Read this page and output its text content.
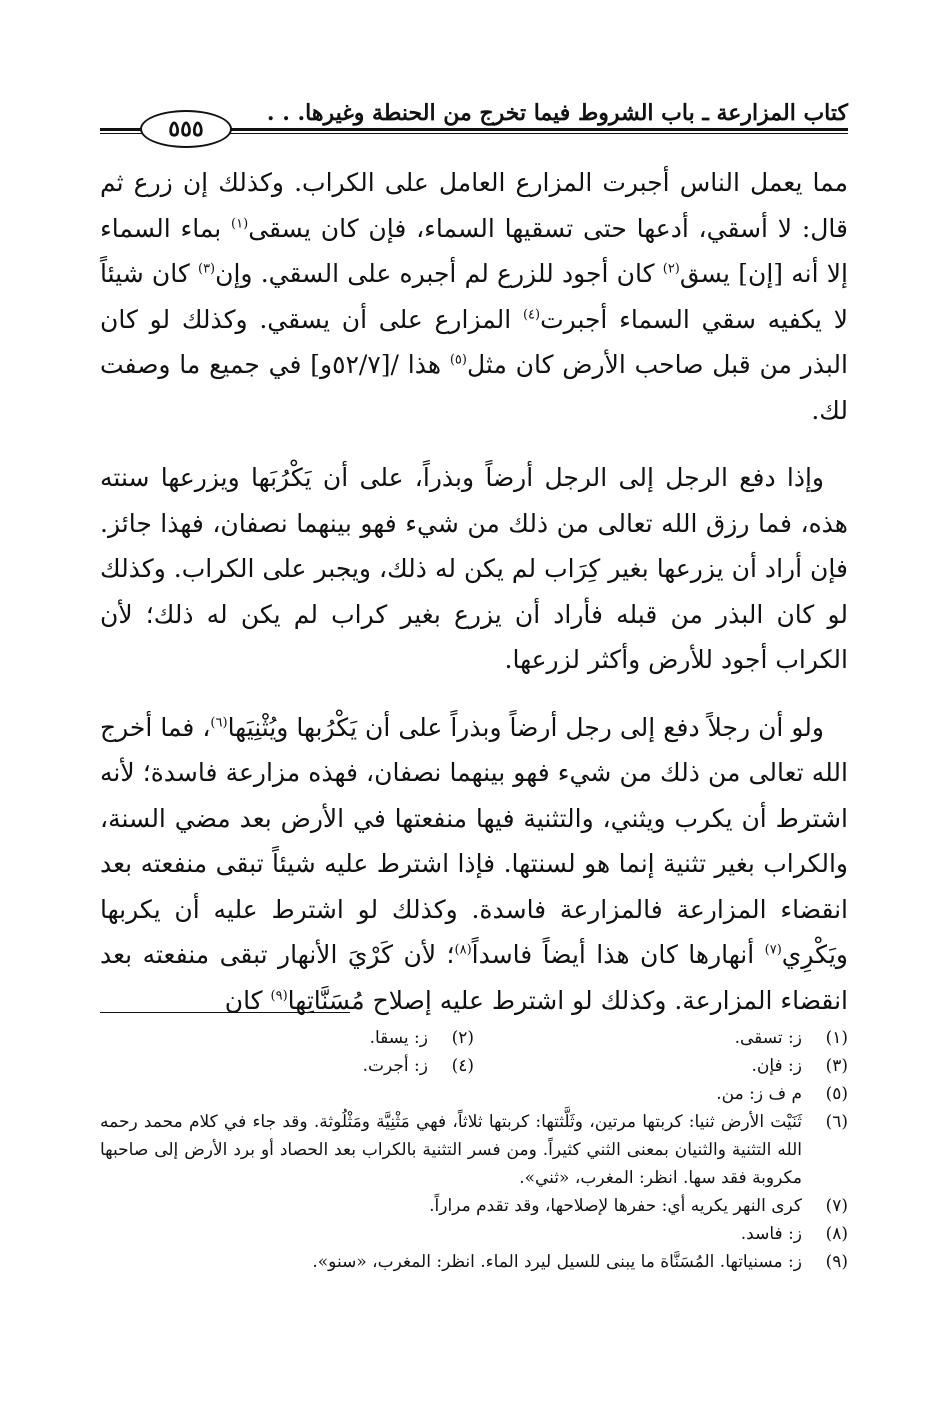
كتاب المزارعة ـ باب الشروط فيما تخرج من الحنطة وغيرها. . .
٥٥٥

مما يعمل الناس أجبرت المزارع العامل على الكراب. وكذلك إن زرع ثم قال: لا أسقي، أدعها حتى تسقيها السماء، فإن كان يسقى$^{(١)}$ بماء السماء إلا أنه [إن] يسق$^{(٢)}$ كان أجود للزرع لم أجبره على السقي. وإن$^{(٣)}$ كان شيئاً لا يكفيه سقي السماء أجبرت$^{(٤)}$ المزارع على أن يسقي. وكذلك لو كان البذر من قبل صاحب الأرض كان مثل$^{(٥)}$ هذا /[٥٢/٧و] في جميع ما وصفت لك.

وإذا دفع الرجل إلى الرجل أرضاً وبذراً، على أن يَكْرُبَها ويزرعها سنته هذه، فما رزق الله تعالى من ذلك من شيء فهو بينهما نصفان، فهذا جائز. فإن أراد أن يزرعها بغير كِرَاب لم يكن له ذلك، ويجبر على الكراب. وكذلك لو كان البذر من قبله فأراد أن يزرع بغير كراب لم يكن له ذلك؛ لأن الكراب أجود للأرض وأكثر لزرعها.

ولو أن رجلاً دفع إلى رجل أرضاً وبذراً على أن يَكْرُبها ويُثْنِيَها$^{(٦)}$، فما أخرج الله تعالى من ذلك من شيء فهو بينهما نصفان، فهذه مزارعة فاسدة؛ لأنه اشترط أن يكرب ويثني، والتثنية فيها منفعتها في الأرض بعد مضي السنة، والكراب بغير تثنية إنما هو لسنتها. فإذا اشترط عليه شيئاً تبقى منفعته بعد انقضاء المزارعة فالمزارعة فاسدة. وكذلك لو اشترط عليه أن يكربها ويَكْرِي$^{(٧)}$ أنهارها كان هذا أيضاً فاسداً$^{(٨)}$؛ لأن كَرْيَ الأنهار تبقى منفعته بعد انقضاء المزارعة. وكذلك لو اشترط عليه إصلاح مُسَنَّاتِها$^{(٩)}$ كان

(١)
ز: تسقى.
(٢)
ز: يسقا.
(٣)
ز: فإن.
(٤)
ز: أجرت.
(٥)
م ف ز: من.
(٦)
ثَنَيْت الأرض ثنيا: كربتها مرتين، وثَلَّثتها: كربتها ثلاثاً، فهي مَثْنِيَّة ومَثْلُوثة. وقد جاء في كلام محمد رحمه الله التثنية والثنيان بمعنى الثني كثيراً. ومن فسر التثنية بالكراب بعد الحصاد أو برد الأرض إلى صاحبها مكروبة فقد سها. انظر: المغرب، «ثني».
(٧)
كرى النهر يكريه أي: حفرها لإصلاحها، وقد تقدم مراراً.
(٨)
ز: فاسد.
(٩)
ز: مسنياتها. المُسَنَّاة ما يبنى للسيل ليرد الماء. انظر: المغرب، «سنو».
